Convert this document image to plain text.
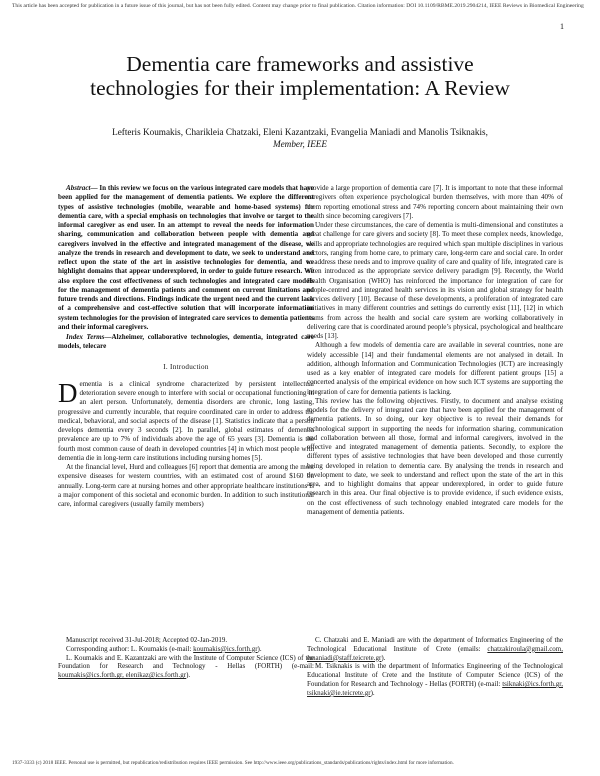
This article has been accepted for publication in a future issue of this journal, but has not been fully edited. Content may change prior to final publication. Citation information: DOI 10.1109/RBME.2019.2904214, IEEE Reviews in Biomedical Engineering
1
Dementia care frameworks and assistive technologies for their implementation: A Review
Lefteris Koumakis, Charikleia Chatzaki, Eleni Kazantzaki, Evangelia Maniadi and Manolis Tsiknakis,
Member, IEEE

Abstract— In this review we focus on the various integrated care models that have been applied for the management of dementia patients. We explore the different types of assistive technologies (mobile, wearable and home-based systems) for dementia care, with a special emphasis on technologies that involve or target to the informal caregiver as end user. In an attempt to reveal the needs for information sharing, communication and collaboration between people with dementia and caregivers involved in the effective and integrated management of the disease, we analyze the trends in research and development to date, we seek to understand and reflect upon the state of the art in assistive technologies for dementia, and we highlight domains that appear underexplored, in order to guide future research. We also explore the cost effectiveness of such technologies and integrated care models for the management of dementia patients and comment on current limitations and future trends and directions. Findings indicate the urgent need and the current lack of a comprehensive and cost-effective solution that will incorporate information system technologies for the provision of integrated care services to dementia patients and their informal caregivers.

Index Terms—Alzheimer, collaborative technologies, dementia, integrated care models, telecare

I. Introduction

Dementia is a clinical syndrome characterized by persistent intellectual deterioration severe enough to interfere with social or occupational functioning in an alert person. Unfortunately, dementia disorders are chronic, long lasting, progressive and currently incurable, that require coordinated care in order to address the medical, behavioral, and social aspects of the disease [1]. Statistics indicate that a person develops dementia every 3 seconds [2]. In parallel, global estimates of dementia prevalence are up to 7% of individuals above the age of 65 years [3]. Dementia is the fourth most common cause of death in developed countries [4] in which most people with dementia die in long-term care institutions including nursing homes [5].

At the financial level, Hurd and colleagues [6] report that dementia are among the most expensive diseases for western countries, with an estimated cost of around $160 bn annually. Long-term care at nursing homes and other appropriate healthcare institutions is a major component of this societal and economic burden. In addition to such institutional care, informal caregivers (usually family members)

provide a large proportion of dementia care [7]. It is important to note that these informal caregivers often experience psychological burden themselves, with more than 40% of them reporting emotional stress and 74% reporting concern about maintaining their own health since becoming caregivers [7].

Under these circumstances, the care of dementia is multi-dimensional and constitutes a great challenge for care givers and society [8]. To meet these complex needs, knowledge, skills and appropriate technologies are required which span multiple disciplines in various sectors, ranging from home care, to primary care, long-term care and social care. In order to address these needs and to improve quality of care and quality of life, integrated care is often introduced as the appropriate service delivery paradigm [9]. Recently, the World Health Organisation (WHO) has reinforced the importance for integration of care for people-centred and integrated health services in its vision and global strategy for health services delivery [10]. Because of these developments, a proliferation of integrated care initiatives in many different countries and settings do currently exist [11], [12] in which teams from across the health and social care system are working collaboratively in delivering care that is coordinated around people’s physical, psychological and healthcare needs [13].

Although a few models of dementia care are available in several countries, none are widely accessible [14] and their fundamental elements are not analysed in detail. In addition, although Information and Communication Technologies (ICT) are increasingly used as a key enabler of integrated care models for different patient groups [15] a concerted analysis of the empirical evidence on how such ICT systems are supporting the integration of care for dementia patients is lacking.

This review has the following objectives. Firstly, to document and analyse existing models for the delivery of integrated care that have been applied for the management of dementia patients. In so doing, our key objective is to reveal their demands for technological support in supporting the needs for information sharing, communication and collaboration between all those, formal and informal caregivers, involved in the effective and integrated management of dementia patients. Secondly, to explore the different types of assistive technologies that have been developed and those currently being developed in relation to dementia care. By analysing the trends in research and development to date, we seek to understand and reflect upon the state of the art in this area, and to highlight domains that appear underexplored, in order to guide future research in this area. Our final objective is to provide evidence, if such evidence exists, on the cost effectiveness of such technology enabled integrated care models for the management of dementia patients.

Manuscript received 31-Jul-2018; Accepted 02-Jan-2019.

Corresponding author: L. Koumakis (e-mail: koumakis@ics.forth.gr).

L. Koumakis and E. Kazantzaki are with the Institute of Computer Science (ICS) of the Foundation for Research and Technology - Hellas (FORTH) (e-mail: koumakis@ics.forth.gr, elenikaz@ics.forth.gr).

C. Chatzaki and E. Maniadi are with the department of Informatics Engineering of the Technological Educational Institute of Crete (emails: chatzakiroula@gmail.com, emaniadi@staff.teicrete.gr).

M. Tsiknakis is with the department of Informatics Engineering of the Technological Educational Institute of Crete and the Institute of Computer Science (ICS) of the Foundation for Research and Technology - Hellas (FORTH) (e-mail: tsiknaki@ics.forth.gr, tsiknaki@ie.teicrete.gr).

1937-3333 (c) 2018 IEEE. Personal use is permitted, but republication/redistribution requires IEEE permission. See http://www.ieee.org/publications_standards/publications/rights/index.html for more information.
